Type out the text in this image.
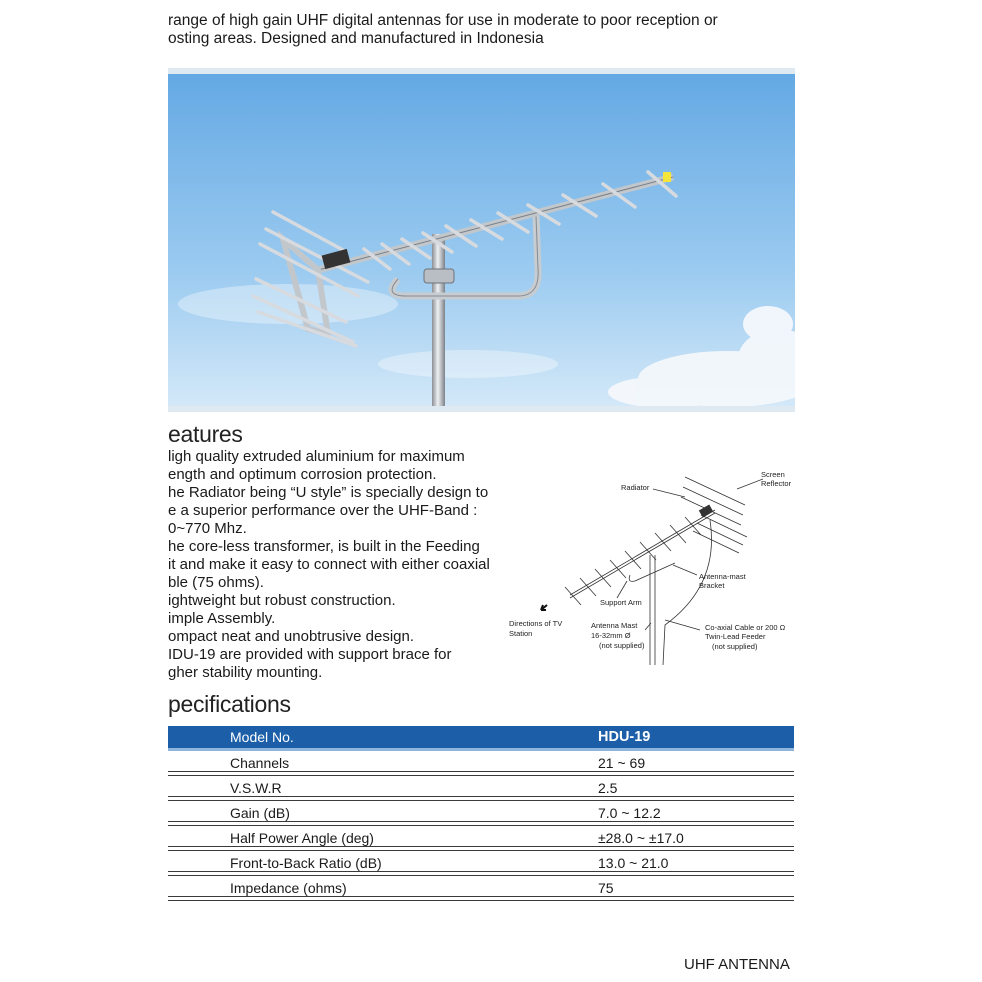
range of high gain UHF digital antennas for use in moderate to poor reception or
osting areas. Designed and manufactured in Indonesia

eatures

ligh quality extruded aluminium for maximum

ength and optimum corrosion protection.

he Radiator being “U style” is specially design to

e a superior performance over the UHF-Band :

0~770 Mhz.

he core-less transformer, is built in the Feeding

it and make it easy to connect with either coaxial

ble (75 ohms).

ightweight but robust construction.

imple Assembly.

ompact neat and unobtrusive design.

IDU-19 are provided with support brace for

gher stability mounting.

Radiator
Screen
Reflector
Antenna-mast
Bracket
Support Arm
Directions of TV
Station
Antenna Mast
16-32mm Ø
(not supplied)
Co-axial Cable or 200 Ω
Twin-Lead Feeder
(not supplied)
pecifications
Model No.	HDU-19
Channels	21 ~ 69
V.S.W.R	2.5
Gain (dB)	7.0 ~ 12.2
Half Power Angle (deg)	±28.0 ~ ±17.0
Front-to-Back Ratio (dB)	13.0 ~ 21.0
Impedance (ohms)	75

UHF ANTENNA
